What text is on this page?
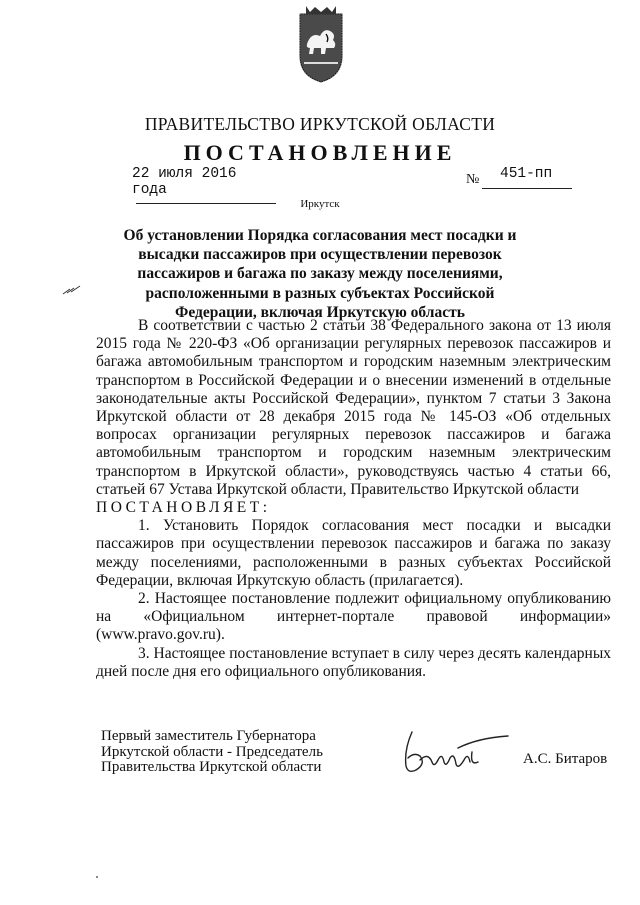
ПРАВИТЕЛЬСТВО ИРКУТСКОЙ ОБЛАСТИ
ПОСТАНОВЛЕНИЕ
22 июля 2016 года
№ 451-пп
Иркутск
Об установлении Порядка согласования мест посадки и высадки пассажиров при осуществлении перевозок пассажиров и багажа по заказу между поселениями, расположенными в разных субъектах Российской Федерации, включая Иркутскую область

В соответствии с частью 2 статьи 38 Федерального закона от 13 июля 2015 года № 220-ФЗ «Об организации регулярных перевозок пассажиров и багажа автомобильным транспортом и городским наземным электрическим транспортом в Российской Федерации и о внесении изменений в отдельные законодательные акты Российской Федерации», пунктом 7 статьи 3 Закона Иркутской области от 28 декабря 2015 года № 145-ОЗ «Об отдельных вопросах организации регулярных перевозок пассажиров и багажа автомобильным транспортом и городским наземным электрическим транспортом в Иркутской области», руководствуясь частью 4 статьи 66, статьей 67 Устава Иркутской области, Правительство Иркутской области

ПОСТАНОВЛЯЕТ:

1. Установить Порядок согласования мест посадки и высадки пассажиров при осуществлении перевозок пассажиров и багажа по заказу между поселениями, расположенными в разных субъектах Российской Федерации, включая Иркутскую область (прилагается).

2. Настоящее постановление подлежит официальному опубликованию на «Официальном интернет-портале правовой информации» (www.pravo.gov.ru).

3. Настоящее постановление вступает в силу через десять календарных дней после дня его официального опубликования.

Первый заместитель Губернатора
Иркутской области - Председатель
Правительства Иркутской области	А.С. Битаров
